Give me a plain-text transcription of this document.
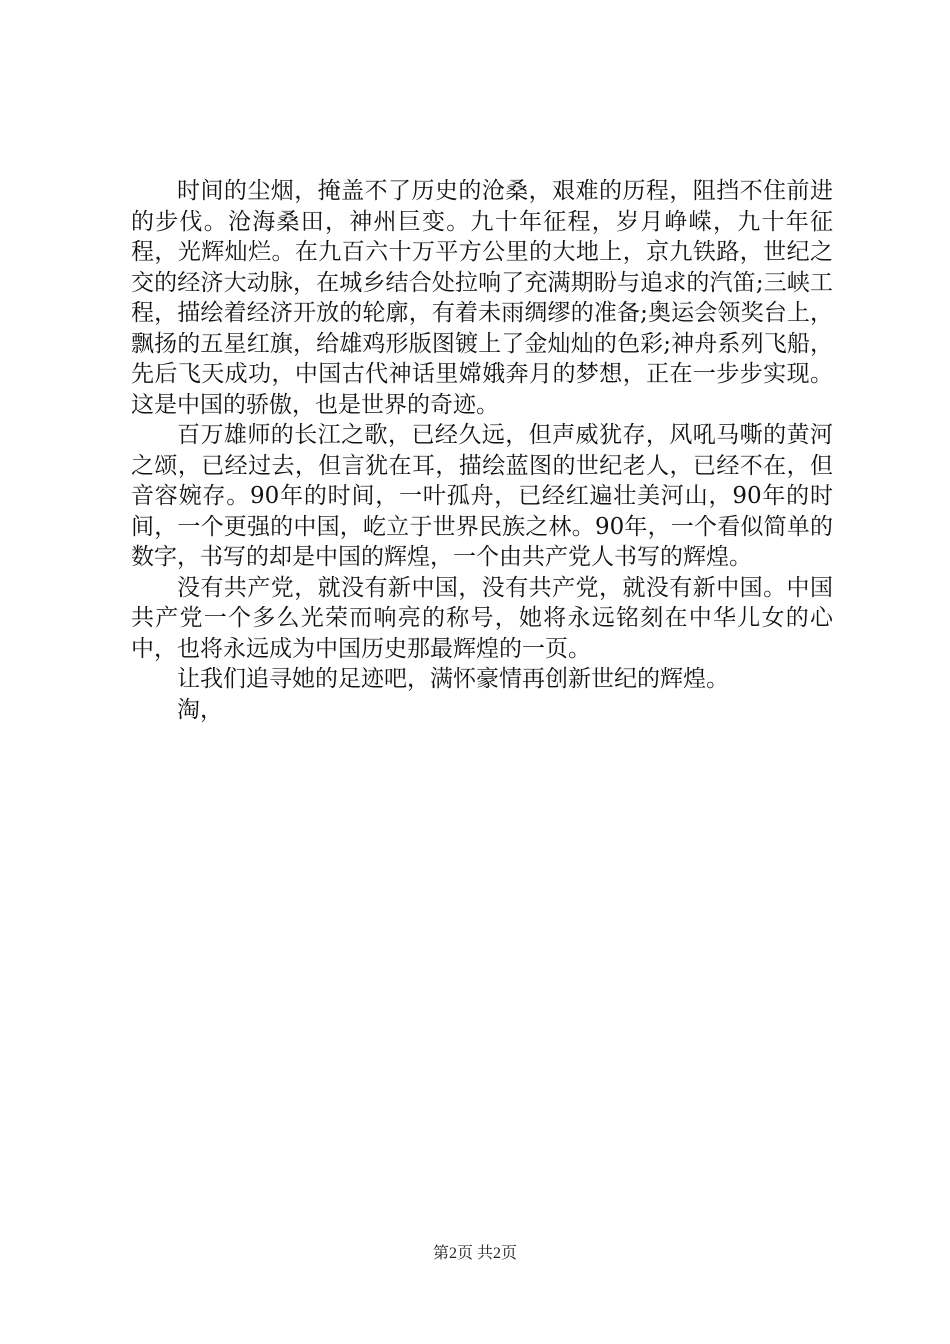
时间的尘烟，掩盖不了历史的沧桑，艰难的历程，阻挡不住前进的步伐。沧海桑田，神州巨变。九十年征程，岁月峥嵘，九十年征程，光辉灿烂。在九百六十万平方公里的大地上，京九铁路，世纪之交的经济大动脉，在城乡结合处拉响了充满期盼与追求的汽笛;三峡工程，描绘着经济开放的轮廓，有着未雨绸缪的准备;奥运会领奖台上，飘扬的五星红旗，给雄鸡形版图镀上了金灿灿的色彩;神舟系列飞船，先后飞天成功，中国古代神话里嫦娥奔月的梦想，正在一步步实现。这是中国的骄傲，也是世界的奇迹。

百万雄师的长江之歌，已经久远，但声威犹存，风吼马嘶的黄河之颂，已经过去，但言犹在耳，描绘蓝图的世纪老人，已经不在，但音容婉存。90年的时间，一叶孤舟，已经红遍壮美河山，90年的时间，一个更强的中国，屹立于世界民族之林。90年，一个看似简单的数字，书写的却是中国的辉煌，一个由共产党人书写的辉煌。

没有共产党，就没有新中国，没有共产党，就没有新中国。中国共产党一个多么光荣而响亮的称号，她将永远铭刻在中华儿女的心中，也将永远成为中国历史那最辉煌的一页。

让我们追寻她的足迹吧，满怀豪情再创新世纪的辉煌。

淘，

第2页 共2页
